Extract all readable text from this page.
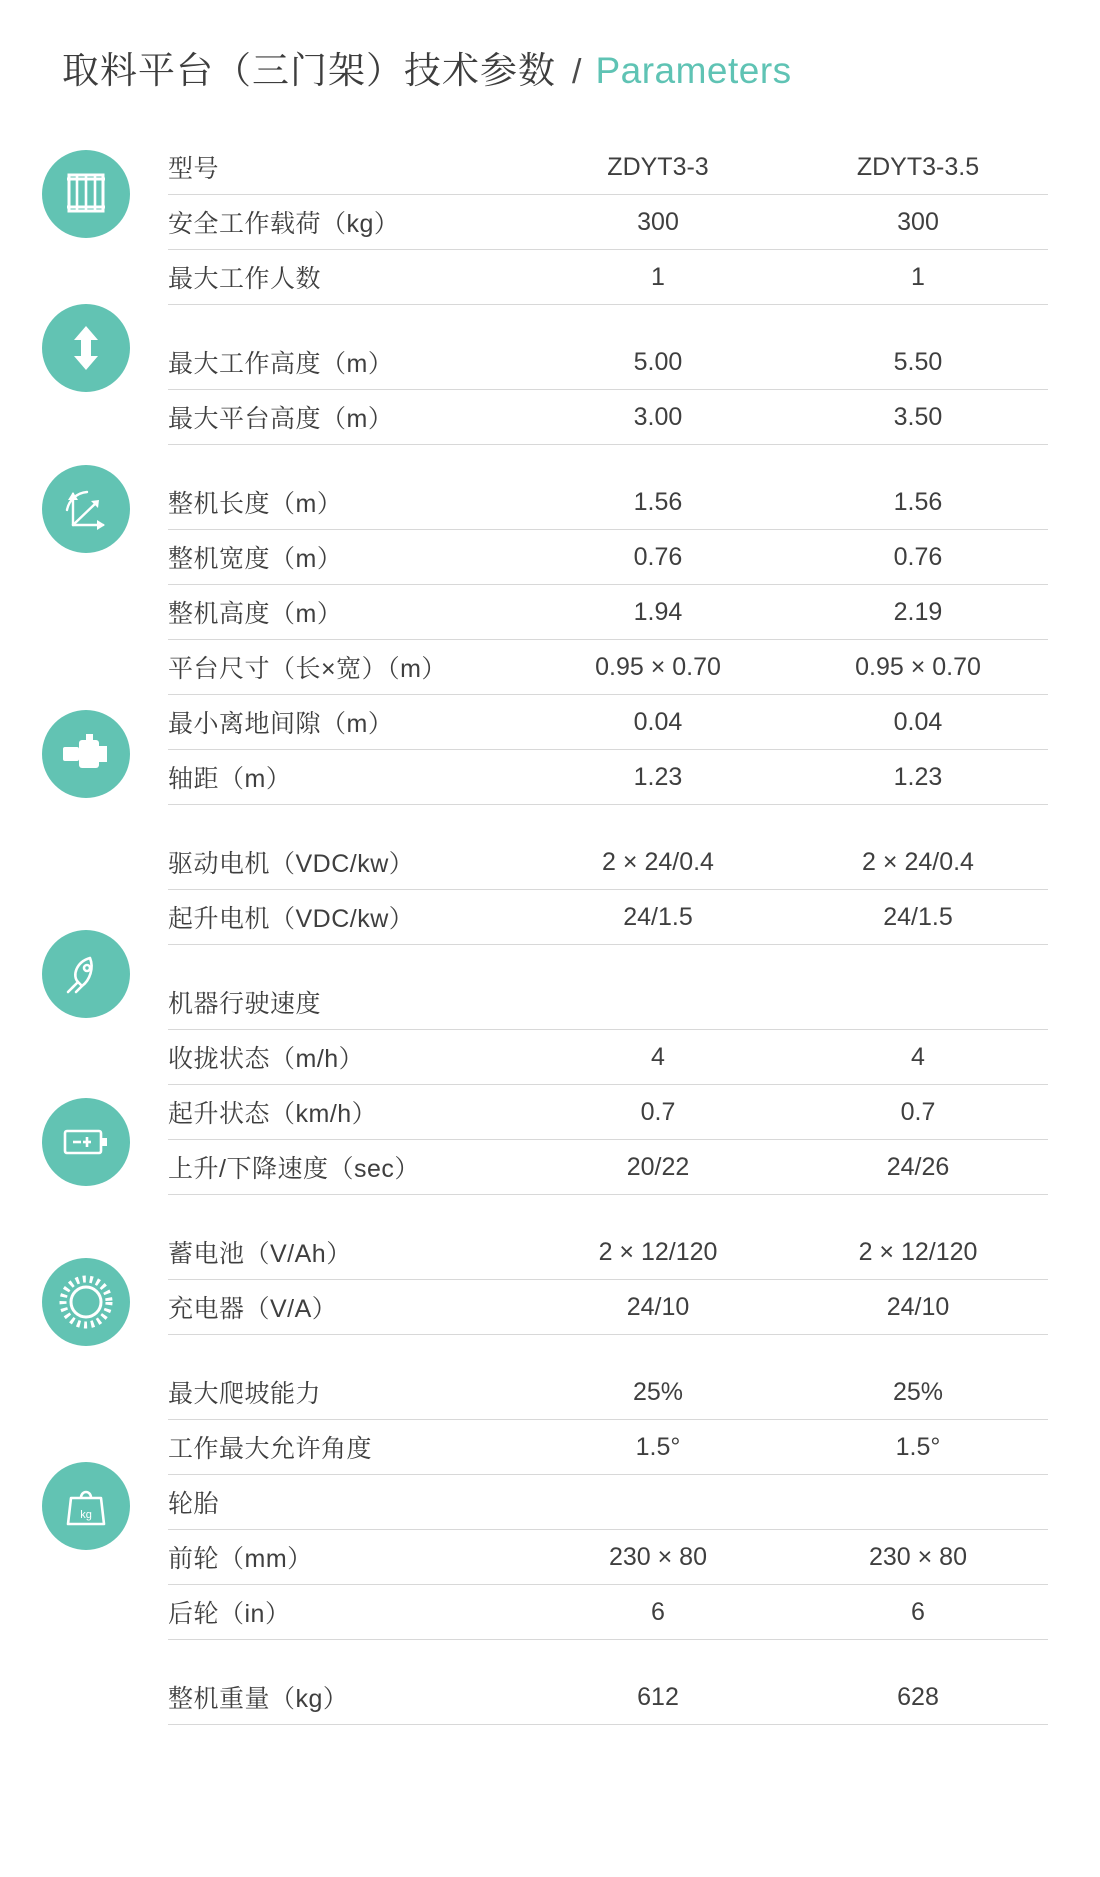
取料平台（三门架）技术参数 / Parameters
kg
型号	ZDYT3-3	ZDYT3-3.5
安全工作载荷（kg）	300	300
最大工作人数	1	1

最大工作高度（m）	5.00	5.50
最大平台高度（m）	3.00	3.50

整机长度（m）	1.56	1.56
整机宽度（m）	0.76	0.76
整机高度（m）	1.94	2.19
平台尺寸（长×宽）（m）	0.95 × 0.70	0.95 × 0.70
最小离地间隙（m）	0.04	0.04
轴距（m）	1.23	1.23

驱动电机（VDC/kw）	2 × 24/0.4	2 × 24/0.4
起升电机（VDC/kw）	24/1.5	24/1.5

机器行驶速度		
收拢状态（m/h）	4	4
起升状态（km/h）	0.7	0.7
上升/下降速度（sec）	20/22	24/26

蓄电池（V/Ah）	2 × 12/120	2 × 12/120
充电器（V/A）	24/10	24/10

最大爬坡能力	25%	25%
工作最大允许角度	1.5°	1.5°
轮胎		
前轮（mm）	230 × 80	230 × 80
后轮（in）	6	6

整机重量（kg）	612	628
